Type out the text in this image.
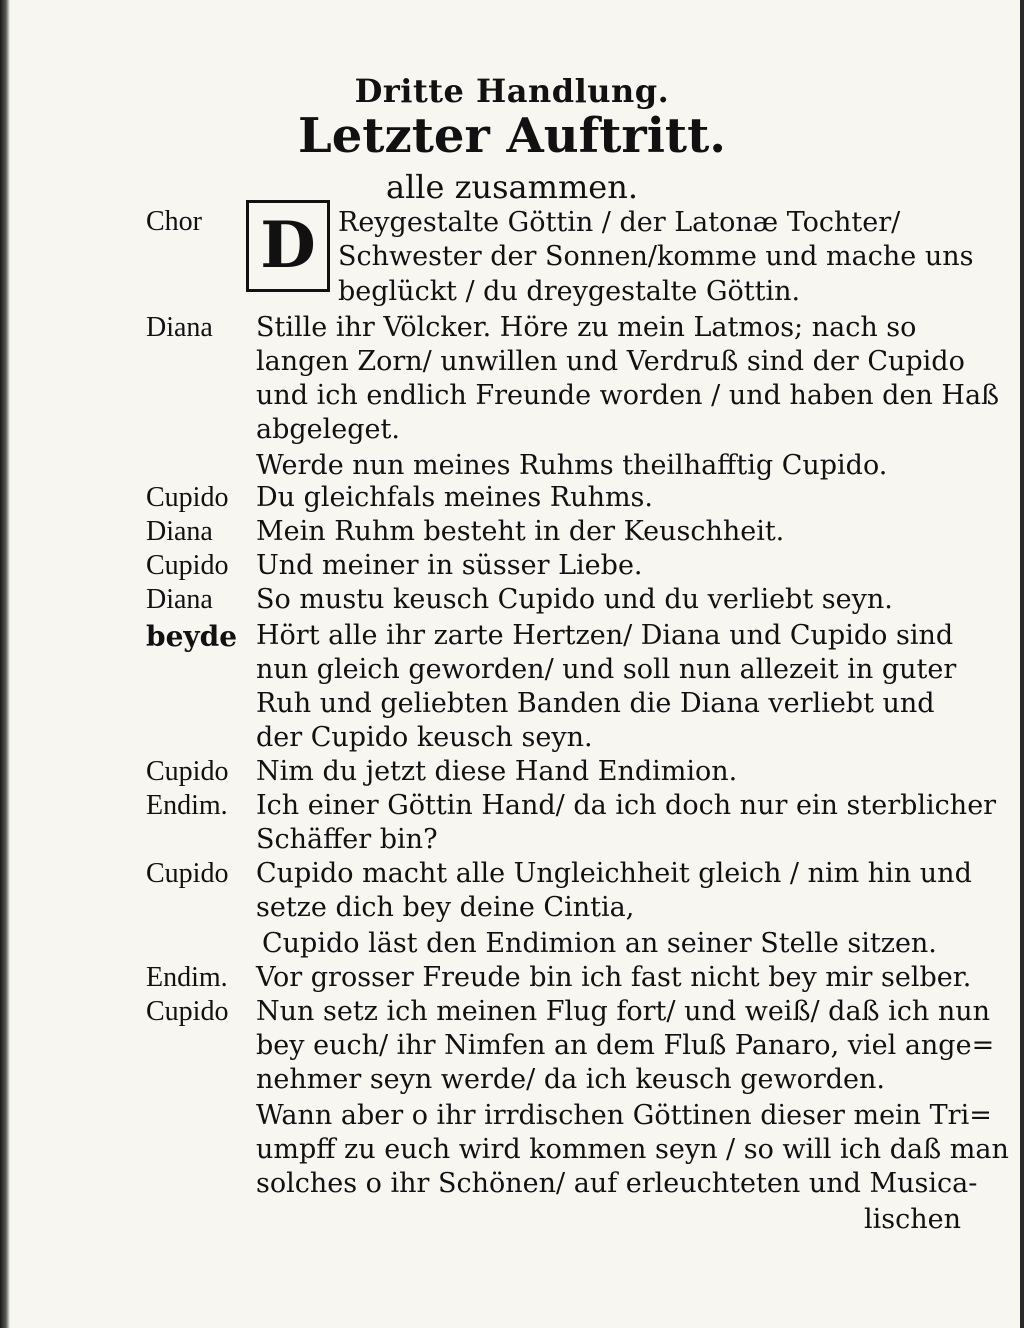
Dritte Handlung.
Letzter Auftritt.
alle zusammen.
D
Chor	Reygestalte Göttin / der Latonæ Tochter/
Schwester der Sonnen/komme und mache uns
beglückt / du dreygestalte Göttin.
Diana Stille ihr Völcker. Höre zu mein Latmos; nach so
langen Zorn/ unwillen und Verdruß sind der Cupido
und ich endlich Freunde worden / und haben den Haß
abgeleget.
Werde nun meines Ruhms theilhafftig Cupido.
Cupido Du gleichfals meines Ruhms.
Diana Mein Ruhm besteht in der Keuschheit.
Cupido Und meiner in süsser Liebe.
Diana So mustu keusch Cupido und du verliebt seyn.
beyde Hört alle ihr zarte Hertzen/ Diana und Cupido sind
nun gleich geworden/ und soll nun allezeit in guter
Ruh und geliebten Banden die Diana verliebt und
der Cupido keusch seyn.
Cupido Nim du jetzt diese Hand Endimion.
Endim. Ich einer Göttin Hand/ da ich doch nur ein sterblicher
Schäffer bin?
Cupido Cupido macht alle Ungleichheit gleich / nim hin und
setze dich bey deine Cintia,
Cupido läst den Endimion an seiner Stelle sitzen.
Endim. Vor grosser Freude bin ich fast nicht bey mir selber.
Cupido Nun setz ich meinen Flug fort/ und weiß/ daß ich nun
bey euch/ ihr Nimfen an dem Fluß Panaro, viel ange=
nehmer seyn werde/ da ich keusch geworden.
Wann aber o ihr irrdischen Göttinen dieser mein Tri=
umpff zu euch wird kommen seyn / so will ich daß man
solches o ihr Schönen/ auf erleuchteten und Musica-
lischen
